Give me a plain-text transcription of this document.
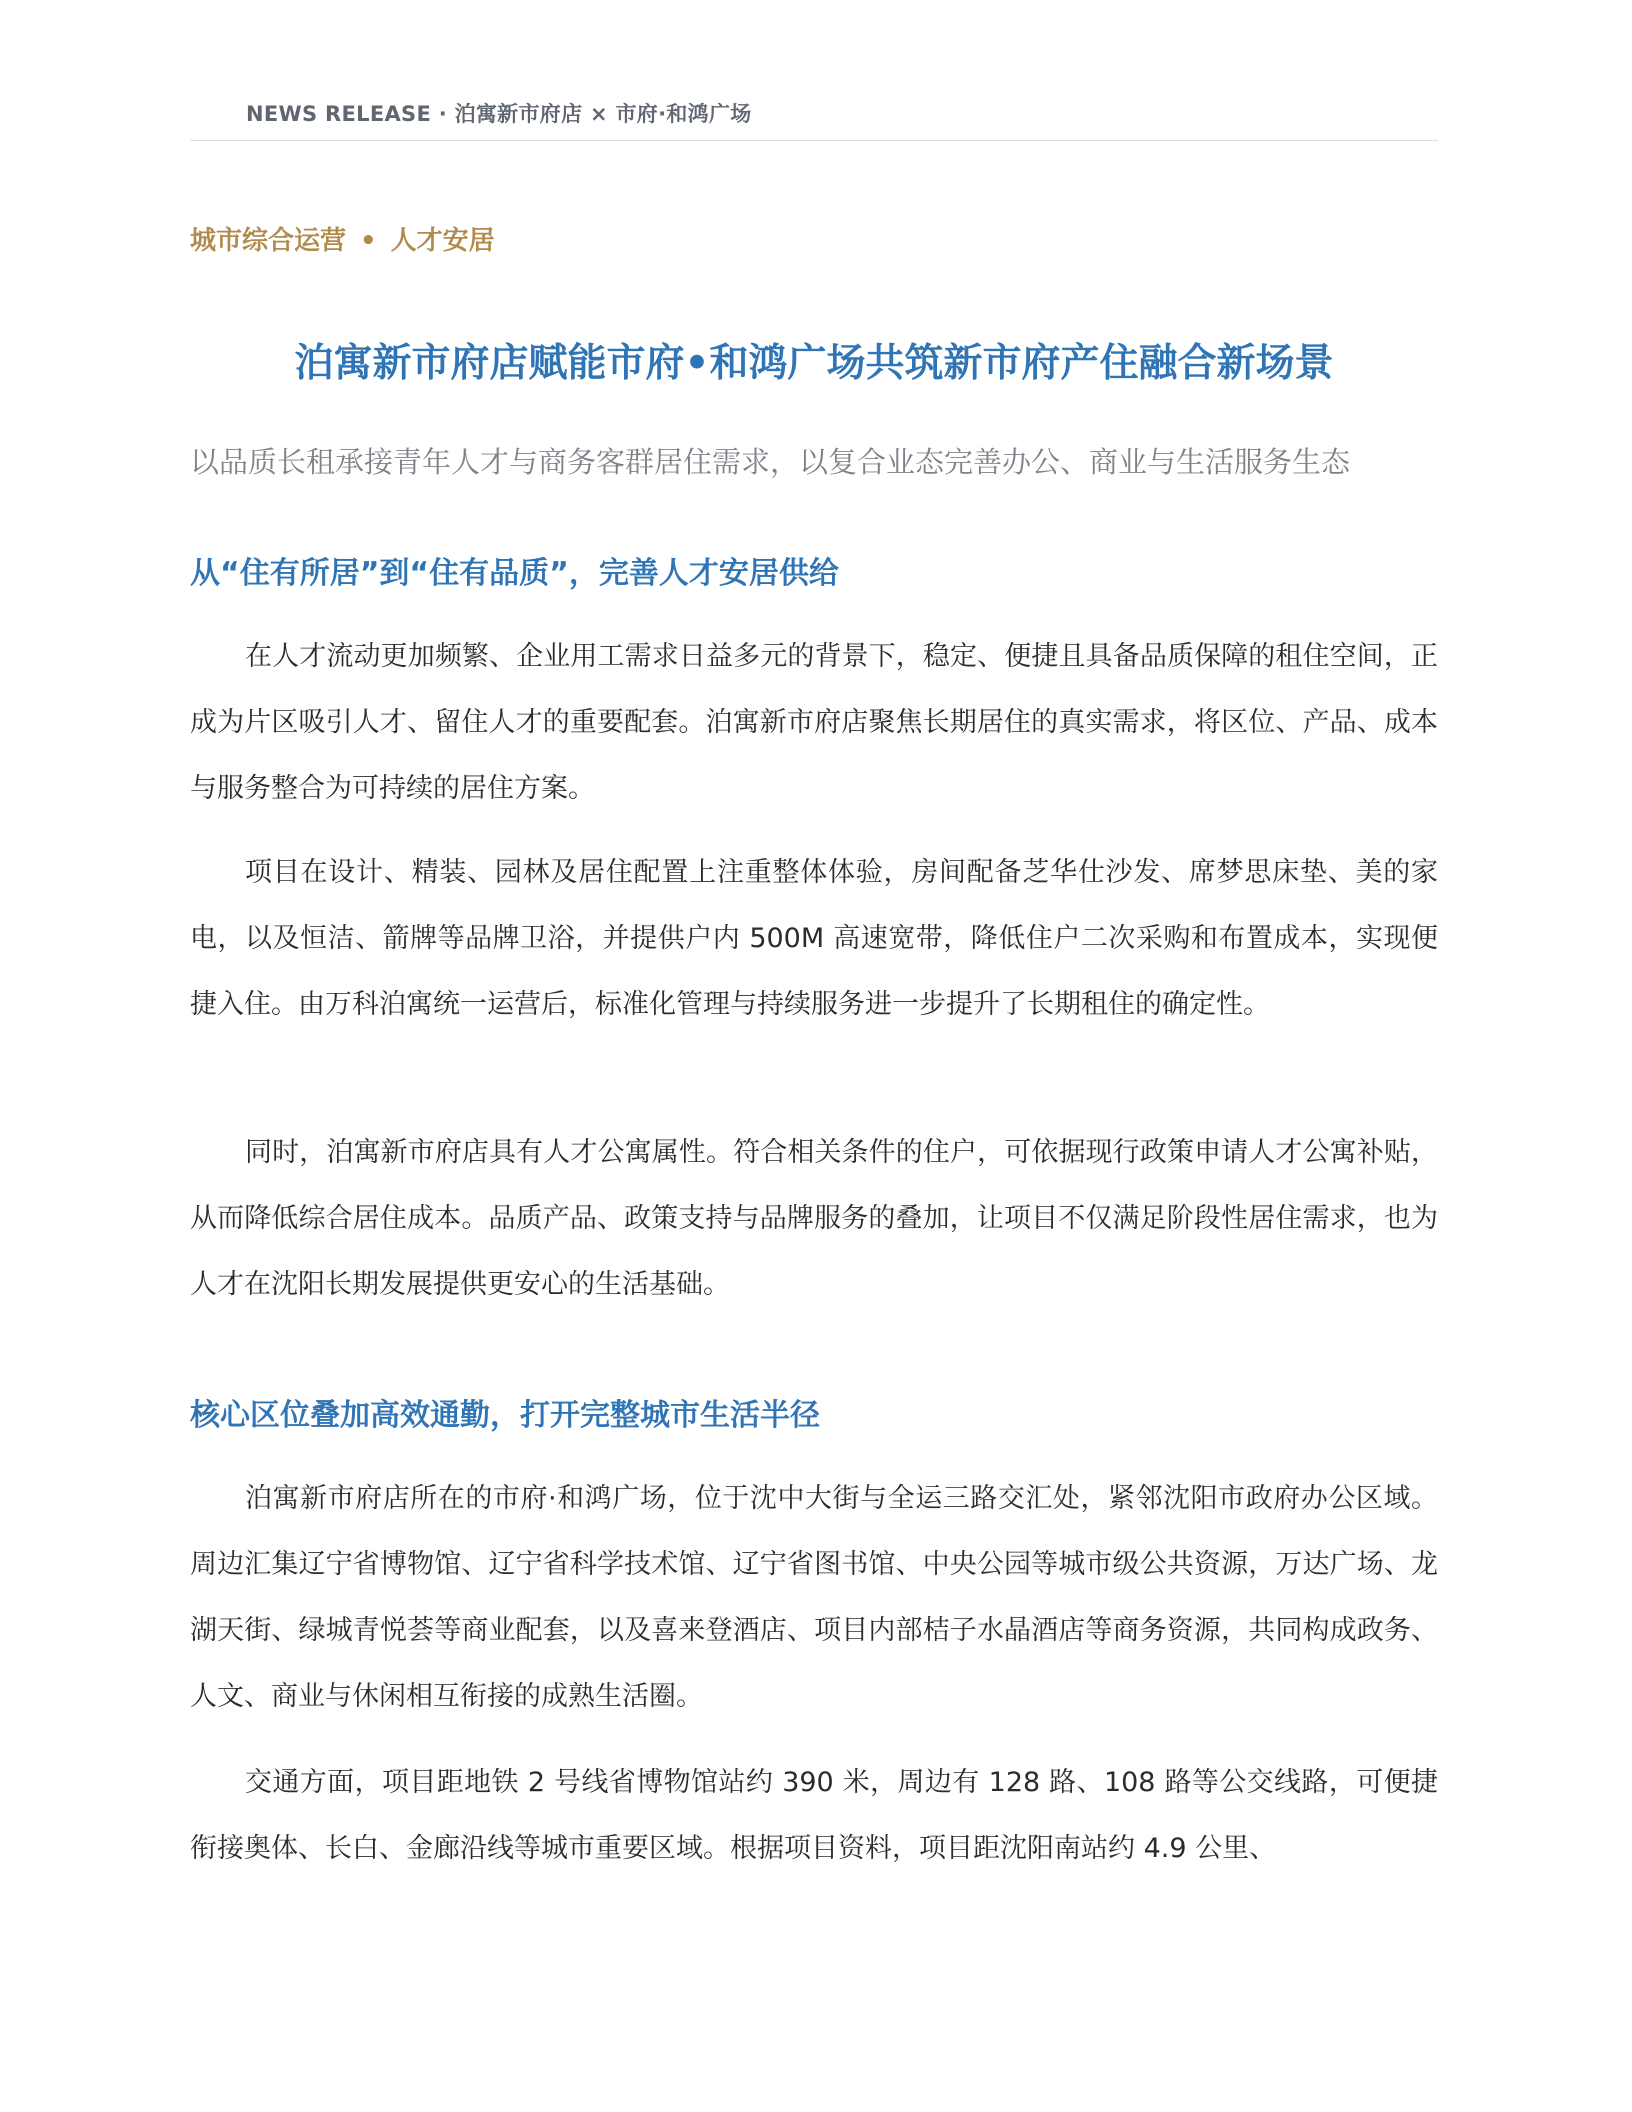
NEWS RELEASE · 泊寓新市府店 × 市府·和鸿广场
城市综合运营 • 人才安居
泊寓新市府店赋能市府•和鸿广场共筑新市府产住融合新场景
以品质长租承接青年人才与商务客群居住需求，以复合业态完善办公、商业与生活服务生态
从“住有所居”到“住有品质”，完善人才安居供给

在人才流动更加频繁、企业用工需求日益多元的背景下，稳定、便捷且具备品质保障的租住空间，正成为片区吸引人才、留住人才的重要配套。泊寓新市府店聚焦长期居住的真实需求，将区位、产品、成本与服务整合为可持续的居住方案。

项目在设计、精装、园林及居住配置上注重整体体验，房间配备芝华仕沙发、席梦思床垫、美的家电，以及恒洁、箭牌等品牌卫浴，并提供户内 500M 高速宽带，降低住户二次采购和布置成本，实现便捷入住。由万科泊寓统一运营后，标准化管理与持续服务进一步提升了长期租住的确定性。

同时，泊寓新市府店具有人才公寓属性。符合相关条件的住户，可依据现行政策申请人才公寓补贴，从而降低综合居住成本。品质产品、政策支持与品牌服务的叠加，让项目不仅满足阶段性居住需求，也为人才在沈阳长期发展提供更安心的生活基础。

核心区位叠加高效通勤，打开完整城市生活半径

泊寓新市府店所在的市府·和鸿广场，位于沈中大街与全运三路交汇处，紧邻沈阳市政府办公区域。周边汇集辽宁省博物馆、辽宁省科学技术馆、辽宁省图书馆、中央公园等城市级公共资源，万达广场、龙湖天街、绿城青悦荟等商业配套，以及喜来登酒店、项目内部桔子水晶酒店等商务资源，共同构成政务、人文、商业与休闲相互衔接的成熟生活圈。

交通方面，项目距地铁 2 号线省博物馆站约 390 米，周边有 128 路、108 路等公交线路，可便捷衔接奥体、长白、金廊沿线等城市重要区域。根据项目资料，项目距沈阳南站约 4.9 公里、
